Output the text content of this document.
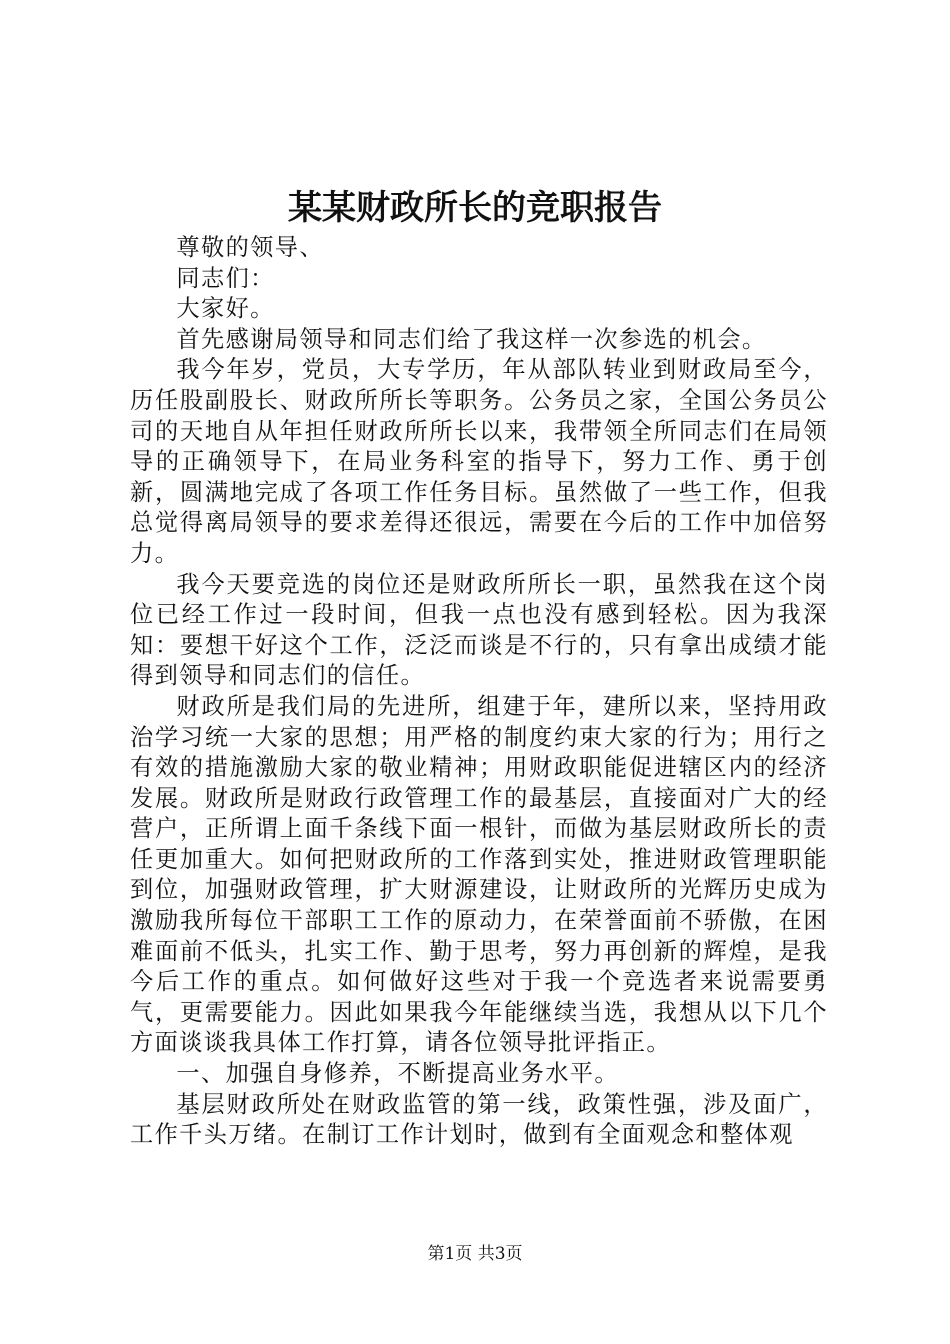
某某财政所长的竞职报告

尊敬的领导、

同志们：

大家好。

首先感谢局领导和同志们给了我这样一次参选的机会。

我今年岁，党员，大专学历，年从部队转业到财政局至今，历任股副股长、财政所所长等职务。公务员之家，全国公务员公司的天地自从年担任财政所所长以来，我带领全所同志们在局领导的正确领导下，在局业务科室的指导下，努力工作、勇于创新，圆满地完成了各项工作任务目标。虽然做了一些工作，但我总觉得离局领导的要求差得还很远，需要在今后的工作中加倍努力。

我今天要竞选的岗位还是财政所所长一职，虽然我在这个岗位已经工作过一段时间，但我一点也没有感到轻松。因为我深知：要想干好这个工作，泛泛而谈是不行的，只有拿出成绩才能得到领导和同志们的信任。

财政所是我们局的先进所，组建于年，建所以来，坚持用政治学习统一大家的思想；用严格的制度约束大家的行为；用行之有效的措施激励大家的敬业精神；用财政职能促进辖区内的经济发展。财政所是财政行政管理工作的最基层，直接面对广大的经营户，正所谓上面千条线下面一根针，而做为基层财政所长的责任更加重大。如何把财政所的工作落到实处，推进财政管理职能到位，加强财政管理，扩大财源建设，让财政所的光辉历史成为激励我所每位干部职工工作的原动力，在荣誉面前不骄傲，在困难面前不低头，扎实工作、勤于思考，努力再创新的辉煌，是我今后工作的重点。如何做好这些对于我一个竞选者来说需要勇气，更需要能力。因此如果我今年能继续当选，我想从以下几个方面谈谈我具体工作打算，请各位领导批评指正。

一、加强自身修养，不断提高业务水平。

基层财政所处在财政监管的第一线，政策性强，涉及面广，工作千头万绪。在制订工作计划时，做到有全面观念和整体观

第1页 共3页
